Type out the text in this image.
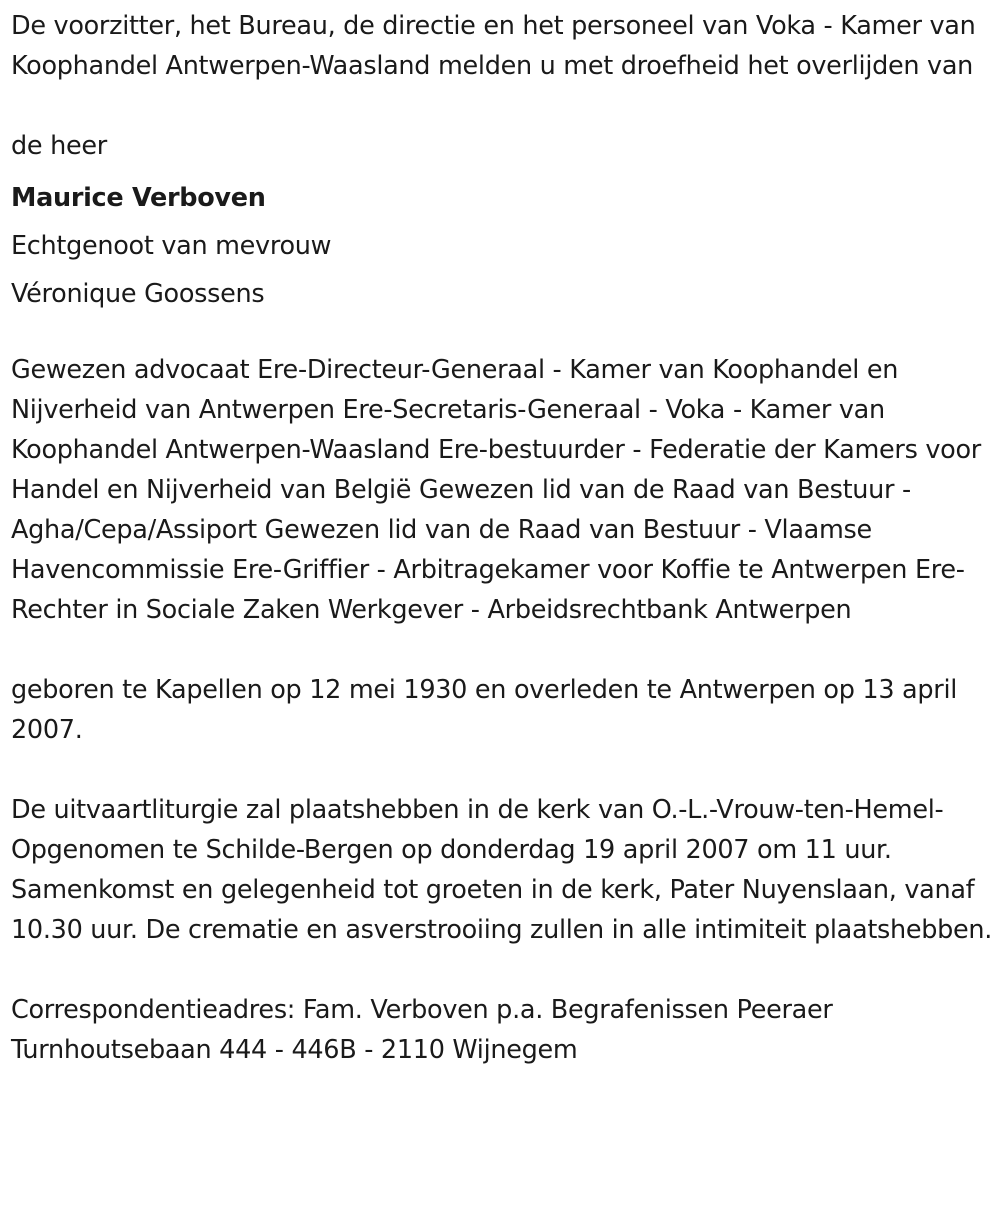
De voorzitter, het Bureau, de directie en het personeel van Voka - Kamer van Koophandel Antwerpen-Waasland melden u met droefheid het overlijden van

de heer

Maurice Verboven

Echtgenoot van mevrouw

Véronique Goossens

Gewezen advocaat Ere-Directeur-Generaal - Kamer van Koophandel en Nijverheid van Antwerpen Ere-Secretaris-Generaal - Voka - Kamer van Koophandel Antwerpen-Waasland Ere-bestuurder - Federatie der Kamers voor Handel en Nijverheid van België Gewezen lid van de Raad van Bestuur - Agha/Cepa/Assiport Gewezen lid van de Raad van Bestuur - Vlaamse Havencommissie Ere-Griffier - Arbitragekamer voor Koffie te Antwerpen Ere-Rechter in Sociale Zaken Werkgever - Arbeidsrechtbank Antwerpen

geboren te Kapellen op 12 mei 1930 en overleden te Antwerpen op 13 april 2007.

De uitvaartliturgie zal plaatshebben in de kerk van O.-L.-Vrouw-ten-Hemel-Opgenomen te Schilde-Bergen op donderdag 19 april 2007 om 11 uur. Samenkomst en gelegenheid tot groeten in de kerk, Pater Nuyenslaan, vanaf 10.30 uur. De crematie en asverstrooiing zullen in alle intimiteit plaatshebben.

Correspondentieadres: Fam. Verboven p.a. Begrafenissen Peeraer

Turnhoutsebaan 444 - 446B - 2110 Wijnegem
